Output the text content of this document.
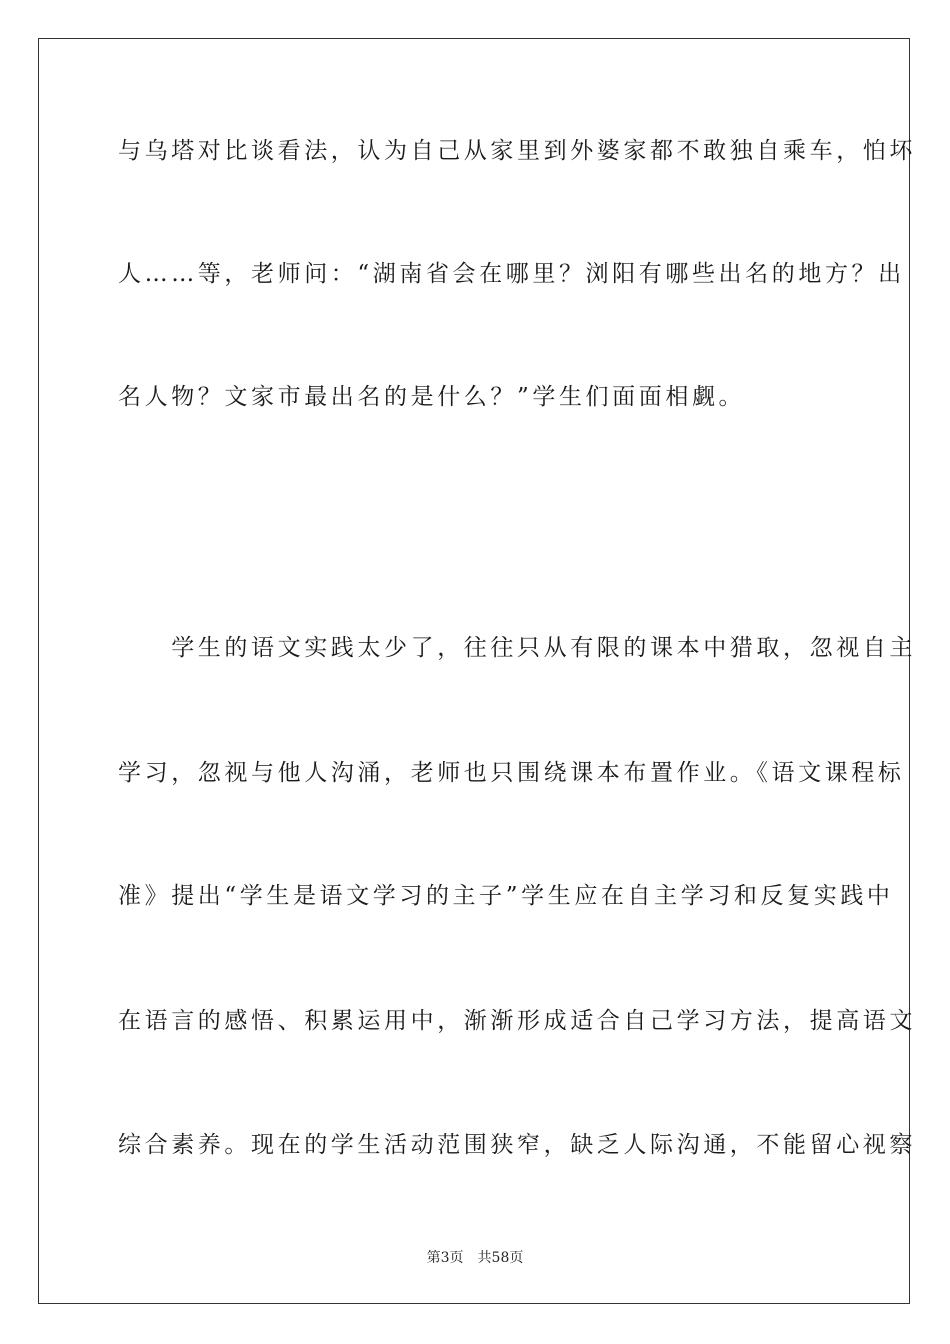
与乌塔对比谈看法，认为自己从家里到外婆家都不敢独自乘车，怕坏
人……等，老师问：“湖南省会在哪里？浏阳有哪些出名的地方？出
名人物？文家市最出名的是什么？”学生们面面相觑。
　　学生的语文实践太少了，往往只从有限的课本中猎取，忽视自主
学习，忽视与他人沟涌，老师也只围绕课本布置作业。《语文课程标
准》提出“学生是语文学习的主子”学生应在自主学习和反复实践中
在语言的感悟、积累运用中，渐渐形成适合自己学习方法，提高语文
综合素养。现在的学生活动范围狭窄，缺乏人际沟通，不能留心视察
第3页 共58页
